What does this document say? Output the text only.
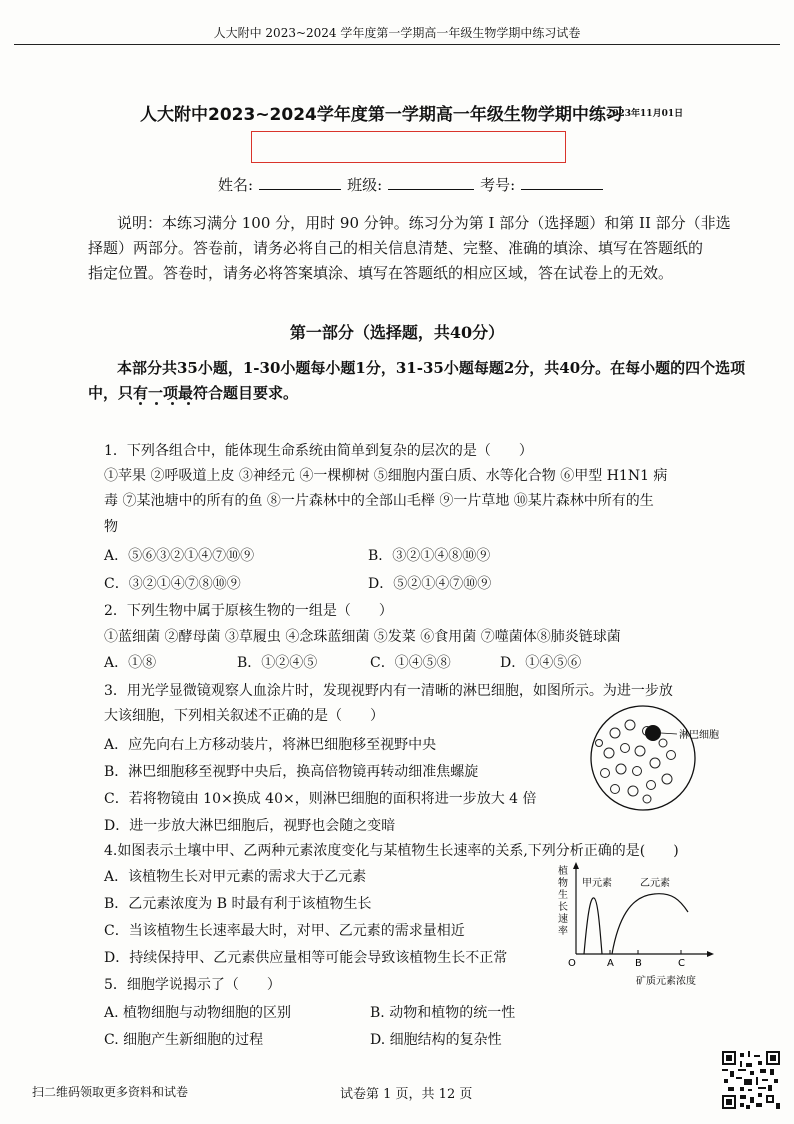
人大附中 2023~2024 学年度第一学期高一年级生物学期中练习试卷
人大附中2023~2024学年度第一学期高一年级生物学期中练习
2023年11月01日
姓名:	班级:	考号:
说明：本练习满分 100 分，用时 90 分钟。练习分为第 I 部分（选择题）和第 II 部分（非选
择题）两部分。答卷前，请务必将自己的相关信息清楚、完整、准确的填涂、填写在答题纸的
指定位置。答卷时，请务必将答案填涂、填写在答题纸的相应区域，答在试卷上的无效。
第一部分（选择题，共40分）
本部分共35小题，1-30小题每小题1分，31-35小题每题2分，共40分。在每小题的四个选项
中，只有一项最符合题目要求。
1．下列各组合中，能体现生命系统由简单到复杂的层次的是（　　）
①苹果 ②呼吸道上皮 ③神经元 ④一棵柳树 ⑤细胞内蛋白质、水等化合物 ⑥甲型 H1N1 病
毒 ⑦某池塘中的所有的鱼 ⑧一片森林中的全部山毛榉 ⑨一片草地 ⑩某片森林中所有的生
物
A．⑤⑥③②①④⑦⑩⑨	B．③②①④⑧⑩⑨
C．③②①④⑦⑧⑩⑨	D．⑤②①④⑦⑩⑨
2．下列生物中属于原核生物的一组是（　　）
①蓝细菌 ②酵母菌 ③草履虫 ④念珠蓝细菌 ⑤发菜 ⑥食用菌 ⑦噬菌体⑧肺炎链球菌
A．①⑧	B．①②④⑤	C．①④⑤⑧	D．①④⑤⑥
3．用光学显微镜观察人血涂片时，发现视野内有一清晰的淋巴细胞，如图所示。为进一步放
大该细胞，下列相关叙述不正确的是（　　）
A．应先向右上方移动装片，将淋巴细胞移至视野中央
B．淋巴细胞移至视野中央后，换高倍物镜再转动细准焦螺旋
C．若将物镜由 10×换成 40×，则淋巴细胞的面积将进一步放大 4 倍
D．进一步放大淋巴细胞后，视野也会随之变暗
淋巴细胞
4.如图表示土壤中甲、乙两种元素浓度变化与某植物生长速率的关系,下列分析正确的是(　　)
A．该植物生长对甲元素的需求大于乙元素
B．乙元素浓度为 B 时最有利于该植物生长
C．当该植物生长速率最大时，对甲、乙元素的需求量相近
D．持续保持甲、乙元素供应量相等可能会导致该植物生长不正常
植
物
生
长
速
率
甲元素	乙元素
O	A B	C
矿质元素浓度
5．细胞学说揭示了（　　）
A. 植物细胞与动物细胞的区别	B. 动物和植物的统一性
C. 细胞产生新细胞的过程	D. 细胞结构的复杂性
扫二维码领取更多资料和试卷	试卷第 1 页，共 12 页
